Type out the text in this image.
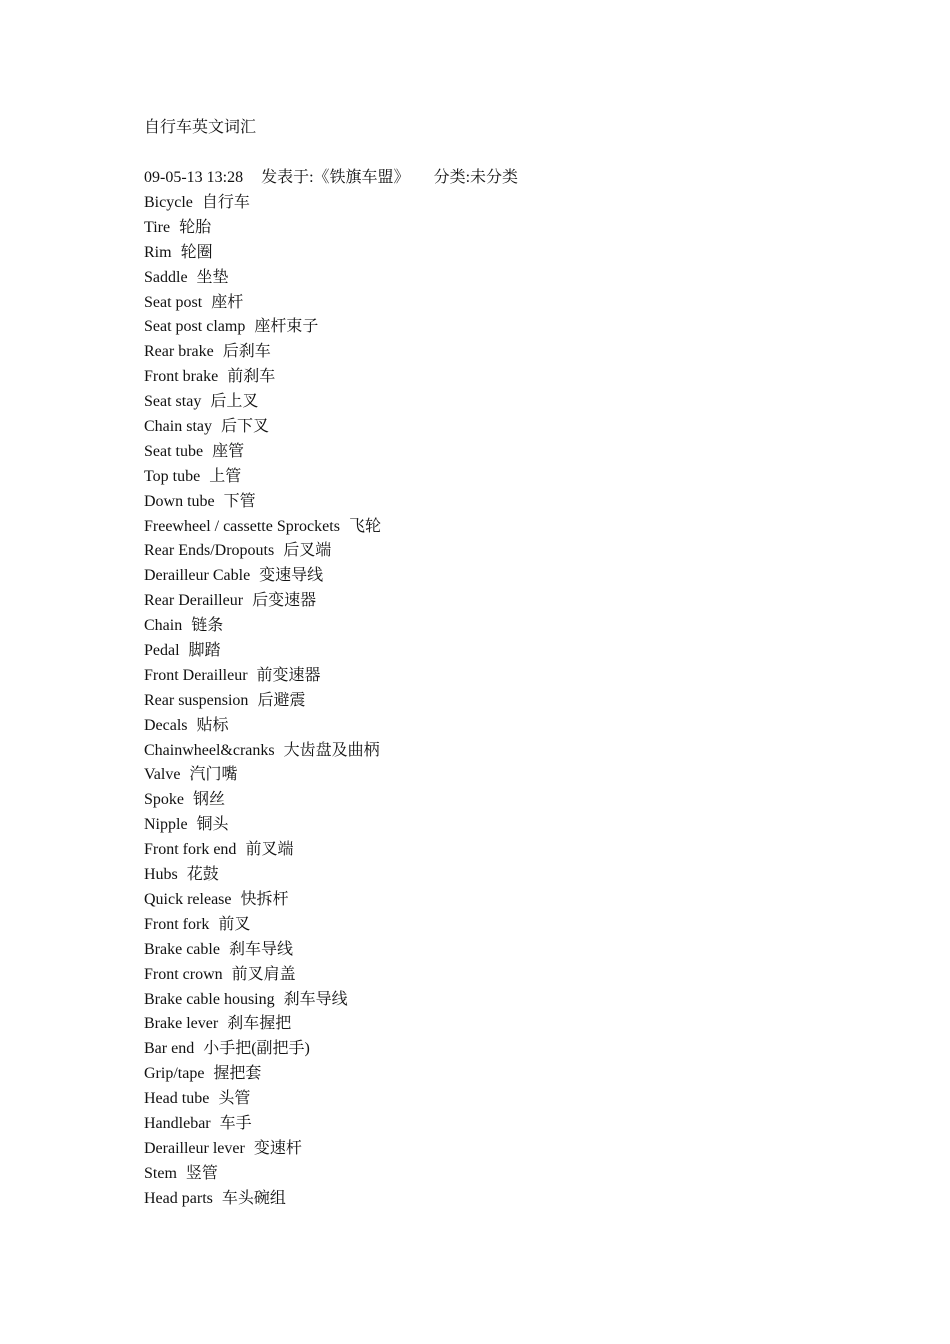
自行车英文词汇
09-05-13 13:28 发表于:《铁旗车盟》 分类:未分类
Bicycle 自行车
Tire 轮胎
Rim 轮圈
Saddle 坐垫
Seat post 座杆
Seat post clamp 座杆束子
Rear brake 后刹车
Front brake 前刹车
Seat stay 后上叉
Chain stay 后下叉
Seat tube 座管
Top tube 上管
Down tube 下管
Freewheel / cassette Sprockets 飞轮
Rear Ends/Dropouts 后叉端
Derailleur Cable 变速导线
Rear Derailleur 后变速器
Chain 链条
Pedal 脚踏
Front Derailleur 前变速器
Rear suspension 后避震
Decals 贴标
Chainwheel&cranks 大齿盘及曲柄
Valve 汽门嘴
Spoke 钢丝
Nipple 铜头
Front fork end 前叉端
Hubs 花鼓
Quick release 快拆杆
Front fork 前叉
Brake cable 刹车导线
Front crown 前叉肩盖
Brake cable housing 刹车导线
Brake lever 刹车握把
Bar end 小手把(副把手)
Grip/tape 握把套
Head tube 头管
Handlebar 车手
Derailleur lever 变速杆
Stem 竖管
Head parts 车头碗组
